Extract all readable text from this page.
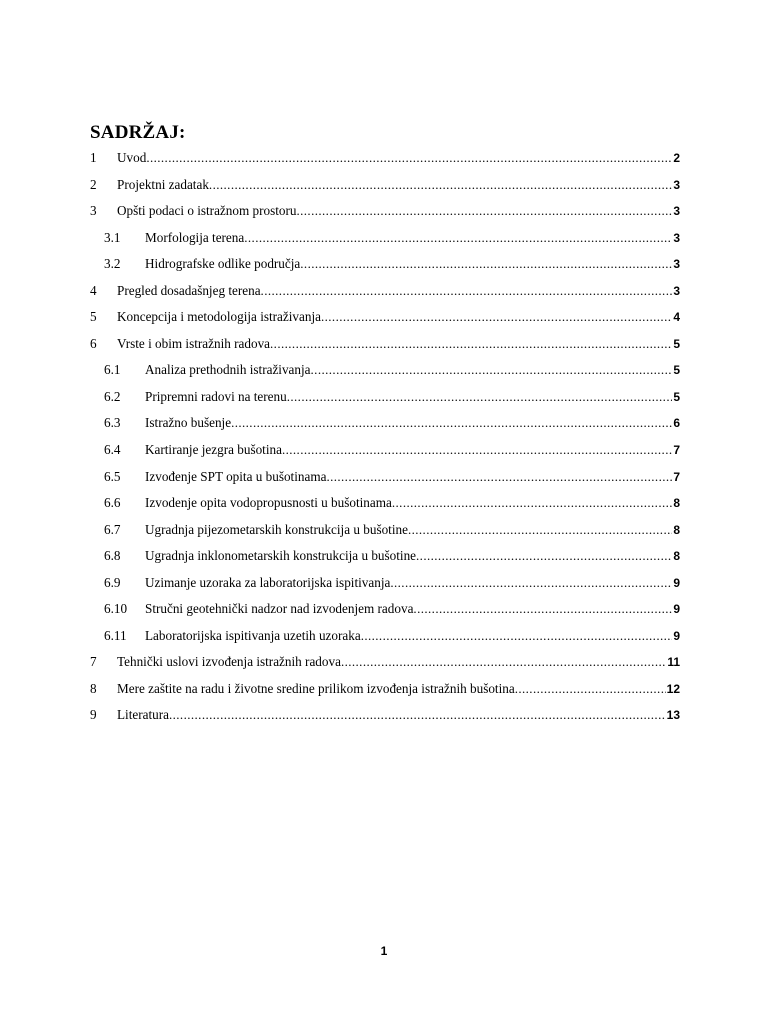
SADRŽAJ:
1	Uvod .....	2
2	Projektni zadatak .....	3
3	Opšti podaci o istražnom prostoru .....	3
3.1	Morfologija terena .....	3
3.2	Hidrografske odlike područja .....	3
4	Pregled dosadašnjeg terena .....	3
5	Koncepcija i metodologija istraživanja .....	4
6	Vrste i obim istražnih radova .....	5
6.1	Analiza prethodnih istraživanja .....	5
6.2	Pripremni radovi na terenu .....	5
6.3	Istražno bušenje .....	6
6.4	Kartiranje jezgra bušotina .....	7
6.5	Izvođenje SPT opita u bušotinama .....	7
6.6	Izvodenje opita vodopropusnosti u bušotinama .....	8
6.7	Ugradnja pijezometarskih konstrukcija u bušotine .....	8
6.8	Ugradnja inklonometarskih konstrukcija u bušotine .....	8
6.9	Uzimanje uzoraka za laboratorijska ispitivanja .....	9
6.10	Stručni geotehnički nadzor nad izvodenjem radova .....	9
6.11	Laboratorijska ispitivanja uzetih uzoraka .....	9
7	Tehnički uslovi izvođenja istražnih radova .....	11
8	Mere zaštite na radu i životne sredine prilikom izvođenja istražnih bušotina .....	12
9	Literatura .....	13
1
